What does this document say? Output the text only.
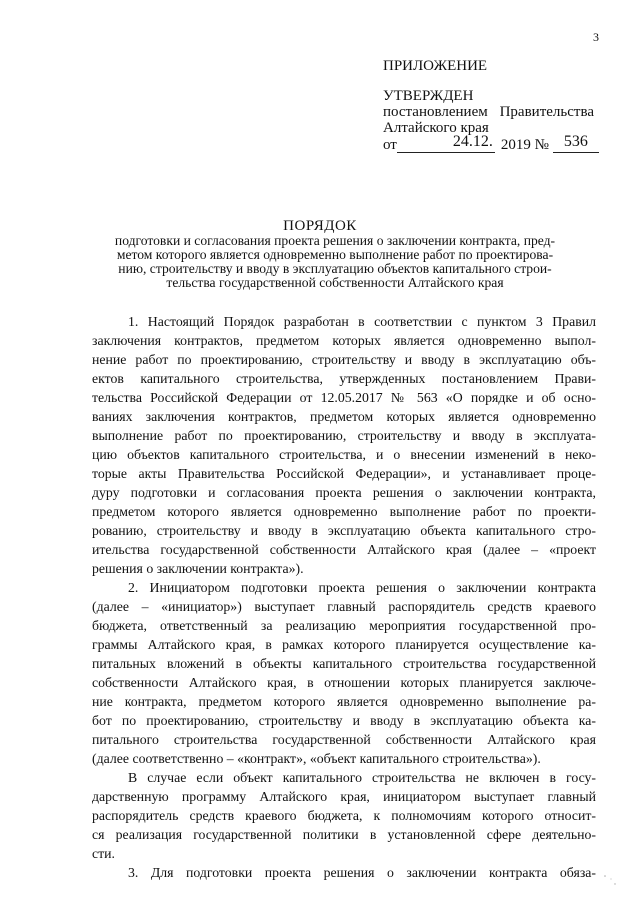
3
ПРИЛОЖЕНИЕ
УТВЕРЖДЕН
постановлением Правительства
Алтайского края
от	24.12. 2019 № 536
ПОРЯДОК
подготовки и согласования проекта решения о заключении контракта, пред-
метом которого является одновременно выполнение работ по проектирова-
нию, строительству и вводу в эксплуатацию объектов капитального строи-
тельства государственной собственности Алтайского края
1. Настоящий Порядок разработан в соответствии с пунктом 3 Правил
заключения контрактов, предметом которых является одновременно выпол-
нение работ по проектированию, строительству и вводу в эксплуатацию объ-
ектов капитального строительства, утвержденных постановлением Прави-
тельства Российской Федерации от 12.05.2017 № 563 «О порядке и об осно-
ваниях заключения контрактов, предметом которых является одновременно
выполнение работ по проектированию, строительству и вводу в эксплуата-
цию объектов капитального строительства, и о внесении изменений в неко-
торые акты Правительства Российской Федерации», и устанавливает проце-
дуру подготовки и согласования проекта решения о заключении контракта,
предметом которого является одновременно выполнение работ по проекти-
рованию, строительству и вводу в эксплуатацию объекта капитального стро-
ительства государственной собственности Алтайского края (далее – «проект
решения о заключении контракта»).
2. Инициатором подготовки проекта решения о заключении контракта
(далее – «инициатор») выступает главный распорядитель средств краевого
бюджета, ответственный за реализацию мероприятия государственной про-
граммы Алтайского края, в рамках которого планируется осуществление ка-
питальных вложений в объекты капитального строительства государственной
собственности Алтайского края, в отношении которых планируется заключе-
ние контракта, предметом которого является одновременно выполнение ра-
бот по проектированию, строительству и вводу в эксплуатацию объекта ка-
питального строительства государственной собственности Алтайского края
(далее соответственно – «контракт», «объект капитального строительства»).
В случае если объект капитального строительства не включен в госу-
дарственную программу Алтайского края, инициатором выступает главный
распорядитель средств краевого бюджета, к полномочиям которого относит-
ся реализация государственной политики в установленной сфере деятельно-
сти.
3. Для подготовки проекта решения о заключении контракта обяза-
